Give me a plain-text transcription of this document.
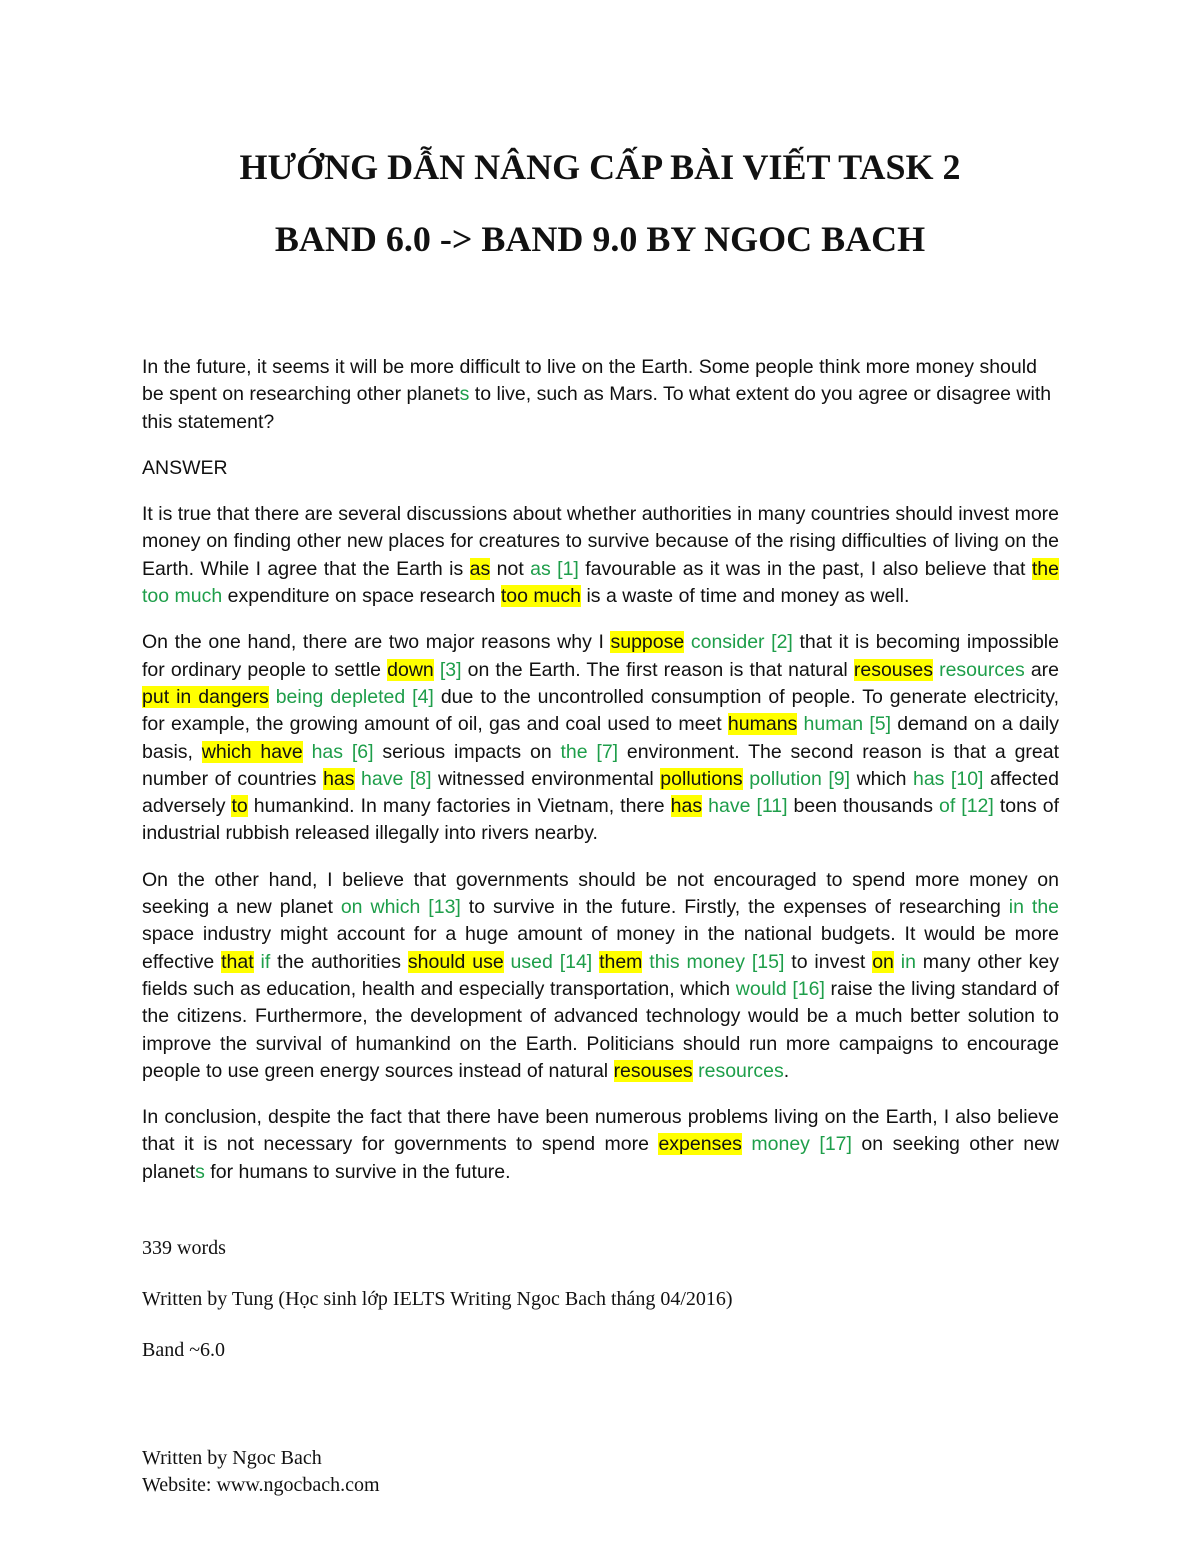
HƯỚNG DẪN NÂNG CẤP BÀI VIẾT TASK 2
BAND 6.0 -> BAND 9.0 BY NGOC BACH

In the future, it seems it will be more difficult to live on the Earth. Some people think more money should be spent on researching other planets to live, such as Mars. To what extent do you agree or disagree with this statement?

ANSWER

It is true that there are several discussions about whether authorities in many countries should invest more money on finding other new places for creatures to survive because of the rising difficulties of living on the Earth. While I agree that the Earth is as not as [1] favourable as it was in the past, I also believe that the too much expenditure on space research too much is a waste of time and money as well.

On the one hand, there are two major reasons why I suppose consider [2] that it is becoming impossible for ordinary people to settle down [3] on the Earth. The first reason is that natural resouses resources are put in dangers being depleted [4] due to the uncontrolled consumption of people. To generate electricity, for example, the growing amount of oil, gas and coal used to meet humans human [5] demand on a daily basis, which have has [6] serious impacts on the [7] environment. The second reason is that a great number of countries has have [8] witnessed environmental pollutions pollution [9] which has [10] affected adversely to humankind. In many factories in Vietnam, there has have [11] been thousands of [12] tons of industrial rubbish released illegally into rivers nearby.

On the other hand, I believe that governments should be not encouraged to spend more money on seeking a new planet on which [13] to survive in the future. Firstly, the expenses of researching in the space industry might account for a huge amount of money in the national budgets. It would be more effective that if the authorities should use used [14] them this money [15] to invest on in many other key fields such as education, health and especially transportation, which would [16] raise the living standard of the citizens. Furthermore, the development of advanced technology would be a much better solution to improve the survival of humankind on the Earth. Politicians should run more campaigns to encourage people to use green energy sources instead of natural resouses resources.

In conclusion, despite the fact that there have been numerous problems living on the Earth, I also believe that it is not necessary for governments to spend more expenses money [17] on seeking other new planets for humans to survive in the future.

339 words

Written by Tung (Học sinh lớp IELTS Writing Ngoc Bach tháng 04/2016)

Band ~6.0

Written by Ngoc Bach

Website: www.ngocbach.com
